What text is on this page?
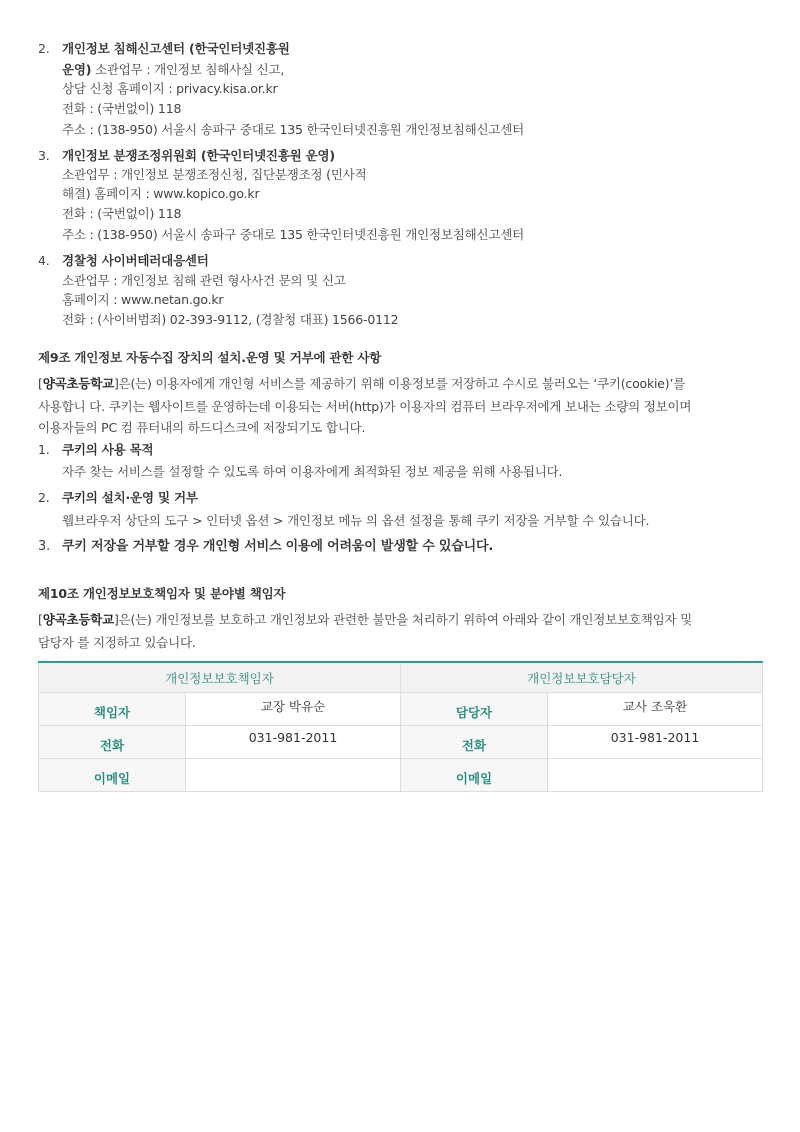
2. 개인정보 침해신고센터 (한국인터넷진흥원
운영) 소관업무 : 개인정보 침해사실 신고,
상담 신청 홈페이지 : privacy.kisa.or.kr
전화 : (국번없이) 118
주소 : (138-950) 서울시 송파구 중대로 135 한국인터넷진흥원 개인정보침해신고센터
3. 개인정보 분쟁조정위원회 (한국인터넷진흥원 운영)
소관업무 : 개인정보 분쟁조정신청, 집단분쟁조정 (민사적
해결) 홈페이지 : www.kopico.go.kr
전화 : (국번없이) 118
주소 : (138-950) 서울시 송파구 중대로 135 한국인터넷진흥원 개인정보침해신고센터
4. 경찰청 사이버테러대응센터
소관업무 : 개인정보 침해 관련 형사사건 문의 및 신고
홈페이지 : www.netan.go.kr
전화 : (사이버범죄) 02-393-9112, (경찰청 대표) 1566-0112
제9조 개인정보 자동수집 장치의 설치.운영 및 거부에 관한 사항
[양곡초등학교]은(는) 이용자에게 개인형 서비스를 제공하기 위해 이용정보를 저장하고 수시로 불러오는 ‘쿠키(cookie)’를
사용합니 다. 쿠키는 웹사이트를 운영하는데 이용되는 서버(http)가 이용자의 컴퓨터 브라우저에게 보내는 소량의 정보이며
이용자들의 PC 컴 퓨터내의 하드디스크에 저장되기도 합니다.
1. 쿠키의 사용 목적
자주 찾는 서비스를 설정할 수 있도록 하여 이용자에게 최적화된 정보 제공을 위해 사용됩니다.
2. 쿠키의 설치·운영 및 거부
웹브라우저 상단의 도구 > 인터넷 옵션 > 개인정보 메뉴 의 옵션 설정을 통해 쿠키 저장을 거부할 수 있습니다.
3. 쿠키 저장을 거부할 경우 개인형 서비스 이용에 어려움이 발생할 수 있습니다.
제10조 개인정보보호책임자 및 분야별 책임자
[양곡초등학교]은(는) 개인정보를 보호하고 개인정보와 관련한 불만을 처리하기 위하여 아래와 같이 개인정보보호책임자 및
담당자 를 지정하고 있습니다.
개인정보보호책임자		개인정보보호담당자	
책임자	교장 박유순	담당자	교사 조욱환
전화	031-981-2011	전화	031-981-2011
이메일		이메일	
